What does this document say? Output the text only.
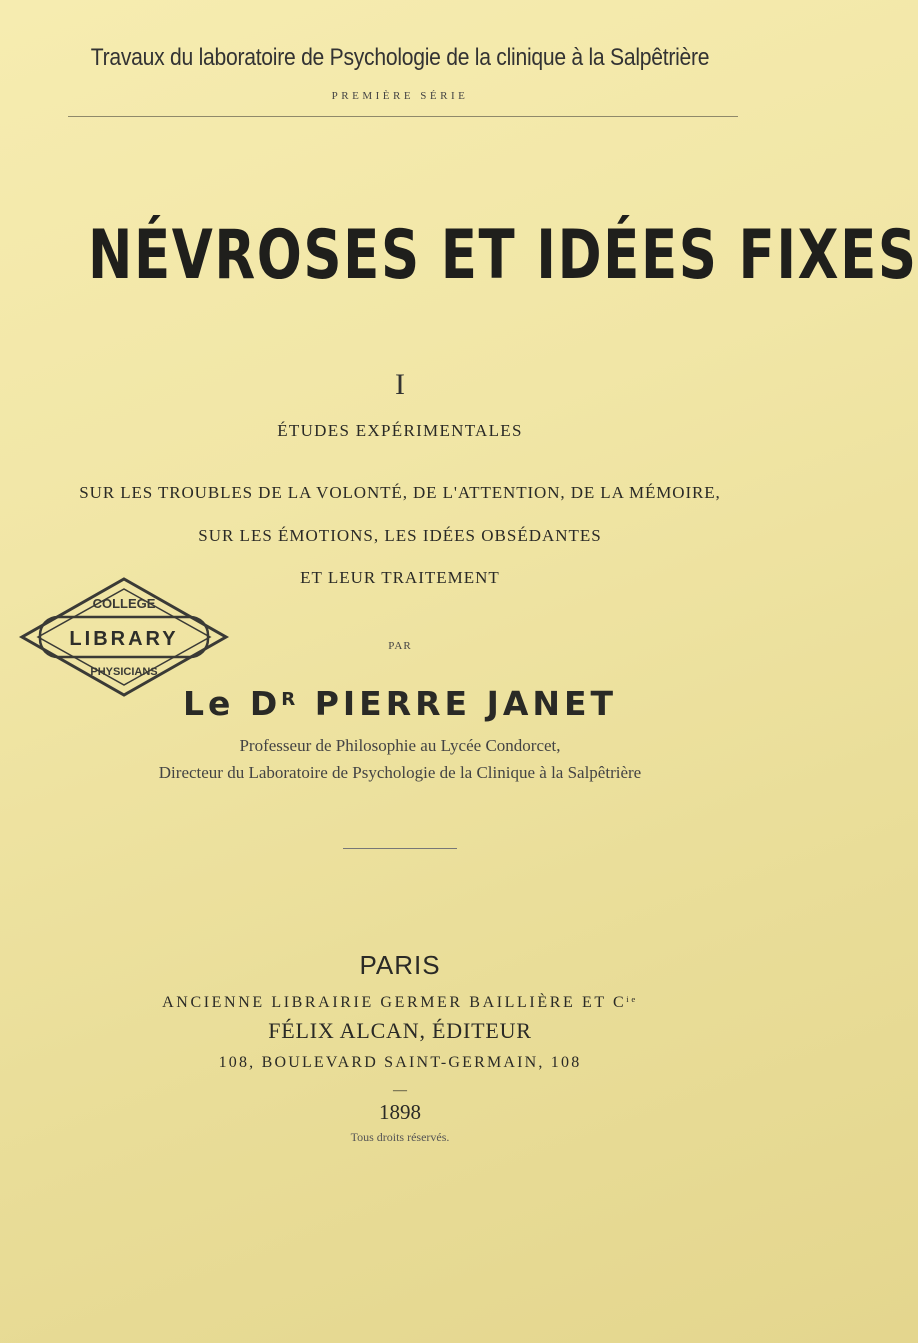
Travaux du laboratoire de Psychologie de la clinique à la Salpêtrière
PREMIÈRE SÉRIE
NÉVROSES ET IDÉES FIXES
I
ÉTUDES EXPÉRIMENTALES
SUR LES TROUBLES DE LA VOLONTÉ, DE L'ATTENTION, DE LA MÉMOIRE,
SUR LES ÉMOTIONS, LES IDÉES OBSÉDANTES
ET LEUR TRAITEMENT
PAR
Le $D^R$ PIERRE JANET
Professeur de Philosophie au Lycée Condorcet,
Directeur du Laboratoire de Psychologie de la Clinique à la Salpêtrière
COLLEGE
LIBRARY
PHYSICIANS
PARIS
ANCIENNE LIBRAIRIE GERMER BAILLIÈRE ET $C^{ie}$
FÉLIX ALCAN, ÉDITEUR
108, BOULEVARD SAINT-GERMAIN, 108
—
1898
Tous droits réservés.
